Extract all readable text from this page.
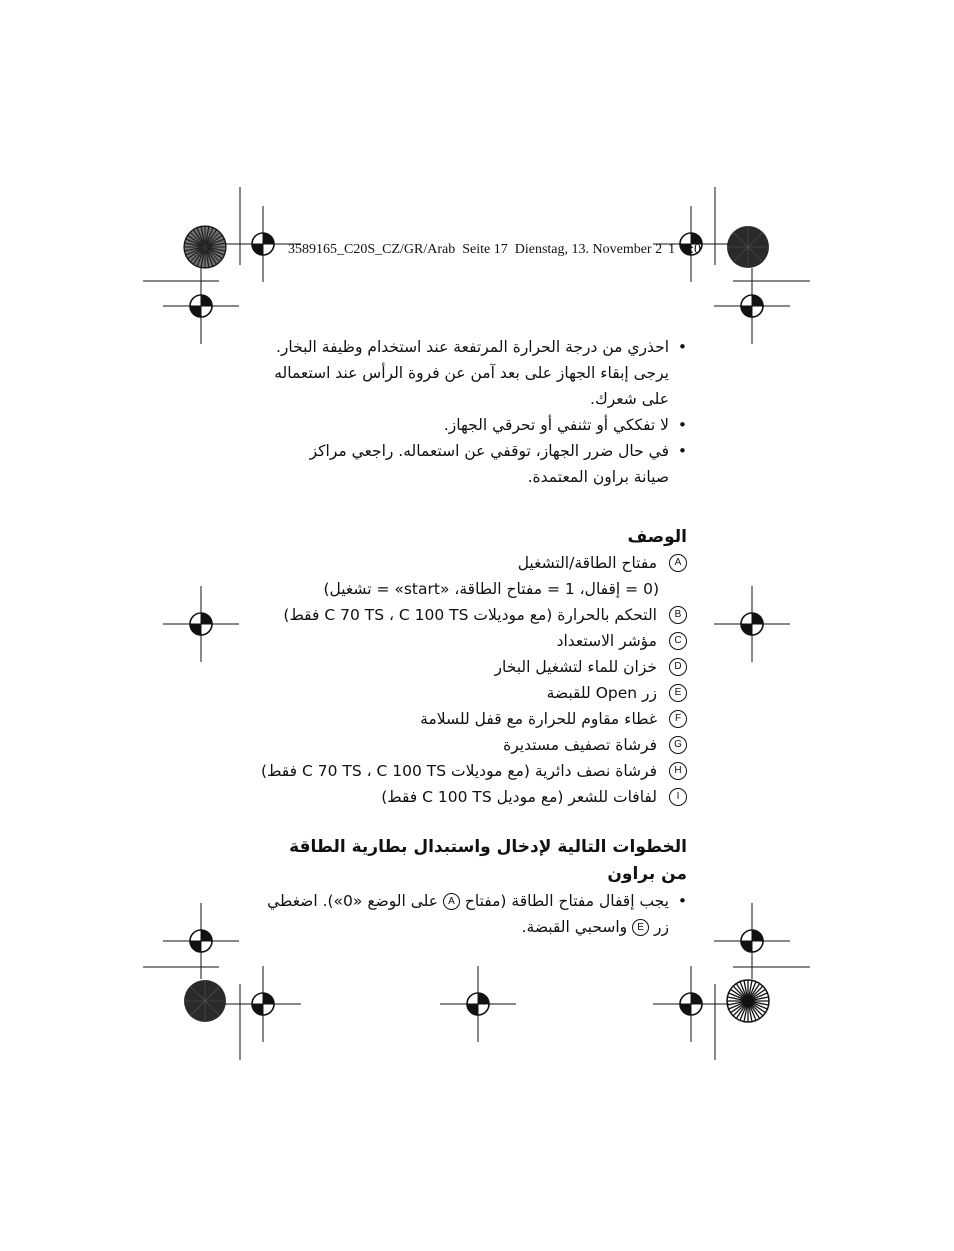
3589165_C20S_CZ/GR/Arab Seite 17 Dienstag, 13. November 2 1 7:0
• احذري من درجة الحرارة المرتفعة عند استخدام وظيفة البخار. يرجى إبقاء الجهاز على بعد آمن عن فروة الرأس عند استعماله على شعرك.
• لا تفككي أو تثنفي أو تحرقي الجهاز.
• في حال ضرر الجهاز، توقفي عن استعماله. راجعي مراكز صيانة براون المعتمدة.
الوصف
A
مفتاح الطاقة/التشغيل
(0 = إقفال، 1 = مفتاح الطاقة، «start» = تشغيل)
B
التحكم بالحرارة (مع موديلات C 70 TS ، C 100 TS فقط)
C
مؤشر الاستعداد
D
خزان للماء لتشغيل البخار
E
زر Open للقبضة
F
غطاء مقاوم للحرارة مع قفل للسلامة
G
فرشاة تصفيف مستديرة
H
فرشاة نصف دائرية (مع موديلات C 70 TS ، C 100 TS فقط)
I
لفافات للشعر (مع موديل C 100 TS فقط)
الخطوات التالية لإدخال واستبدال بطارية الطاقة
من براون
• يجب إقفال مفتاح الطاقة (مفتاح A على الوضع «0»). اضغطي زر E واسحبي القبضة.
